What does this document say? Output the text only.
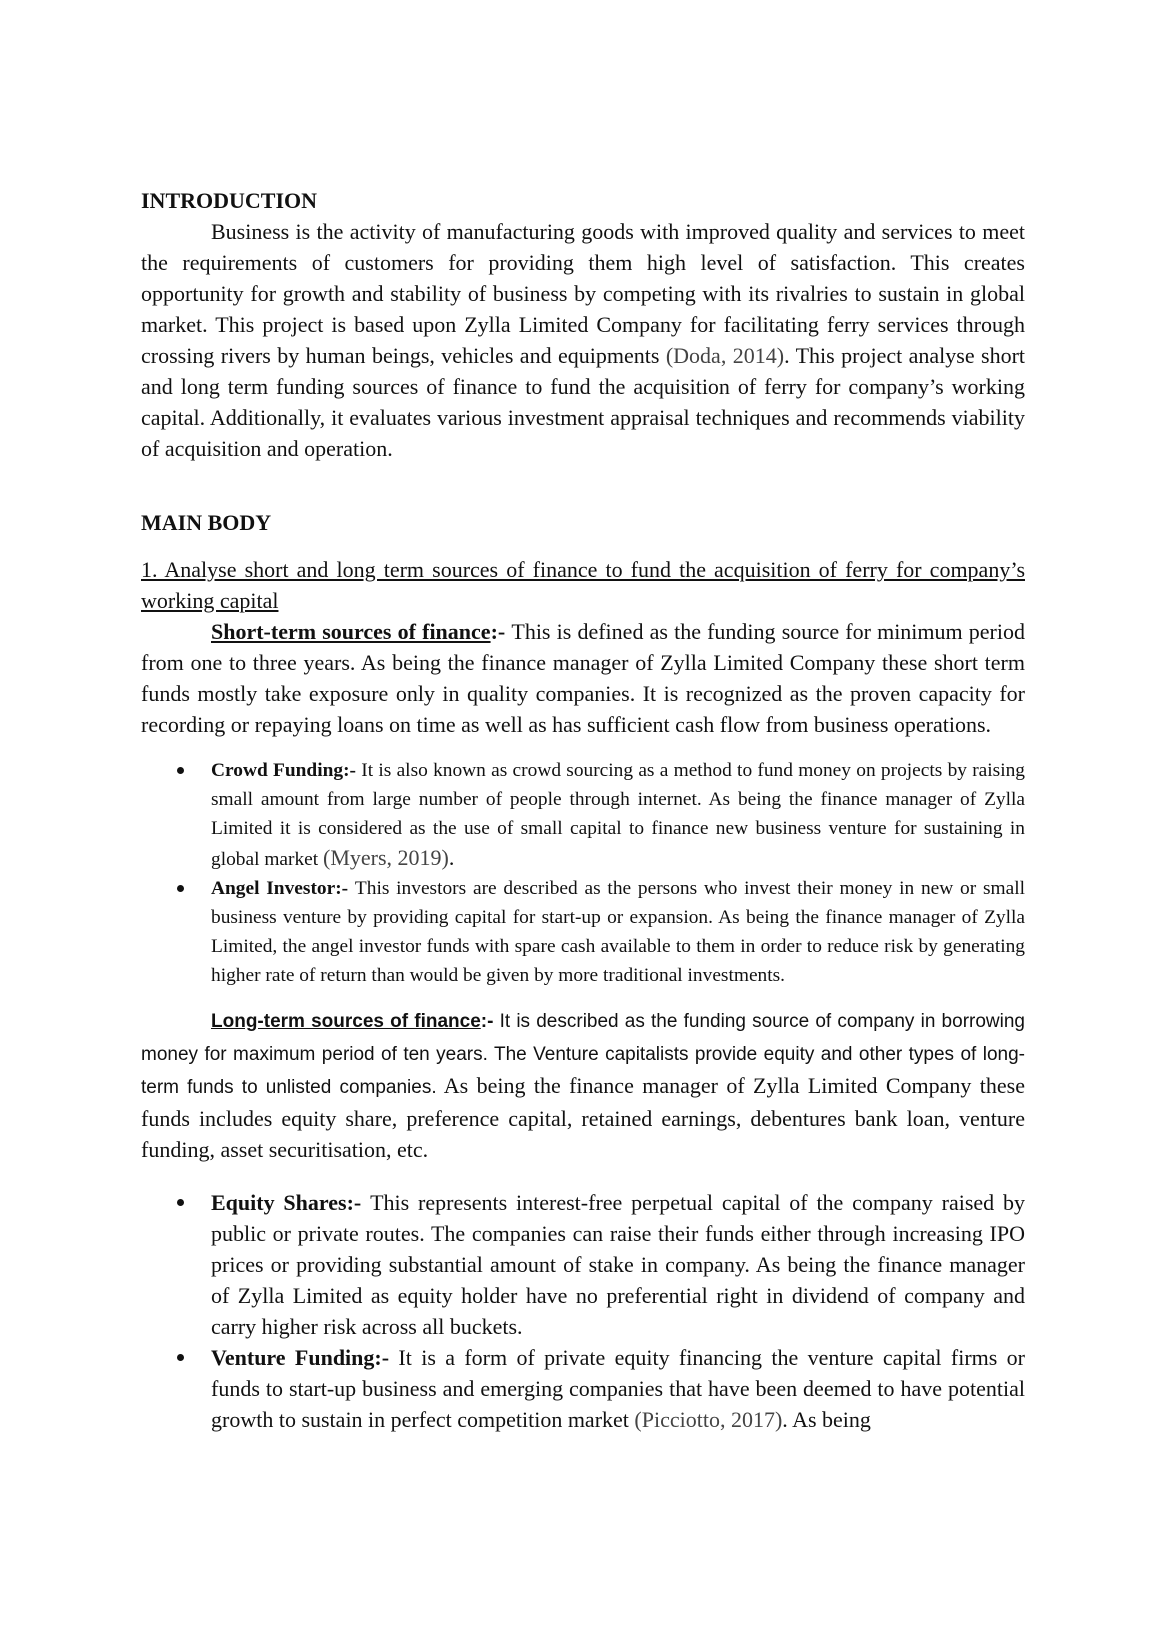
INTRODUCTION

Business is the activity of manufacturing goods with improved quality and services to meet the requirements of customers for providing them high level of satisfaction. This creates opportunity for growth and stability of business by competing with its rivalries to sustain in global market. This project is based upon Zylla Limited Company for facilitating ferry services through crossing rivers by human beings, vehicles and equipments (Doda, 2014). This project analyse short and long term funding sources of finance to fund the acquisition of ferry for company’s working capital. Additionally, it evaluates various investment appraisal techniques and recommends viability of acquisition and operation.

MAIN BODY

1. Analyse short and long term sources of finance to fund the acquisition of ferry for company’s working capital

Short-term sources of finance:- This is defined as the funding source for minimum period from one to three years. As being the finance manager of Zylla Limited Company these short term funds mostly take exposure only in quality companies. It is recognized as the proven capacity for recording or repaying loans on time as well as has sufficient cash flow from business operations.

Crowd Funding:- It is also known as crowd sourcing as a method to fund money on projects by raising small amount from large number of people through internet. As being the finance manager of Zylla Limited it is considered as the use of small capital to finance new business venture for sustaining in global market (Myers, 2019).
Angel Investor:- This investors are described as the persons who invest their money in new or small business venture by providing capital for start-up or expansion. As being the finance manager of Zylla Limited, the angel investor funds with spare cash available to them in order to reduce risk by generating higher rate of return than would be given by more traditional investments.

Long-term sources of finance:- It is described as the funding source of company in borrowing money for maximum period of ten years. The Venture capitalists provide equity and other types of long-term funds to unlisted companies. As being the finance manager of Zylla Limited Company these funds includes equity share, preference capital, retained earnings, debentures bank loan, venture funding, asset securitisation, etc.

Equity Shares:- This represents interest-free perpetual capital of the company raised by public or private routes. The companies can raise their funds either through increasing IPO prices or providing substantial amount of stake in company. As being the finance manager of Zylla Limited as equity holder have no preferential right in dividend of company and carry higher risk across all buckets.
Venture Funding:- It is a form of private equity financing the venture capital firms or funds to start-up business and emerging companies that have been deemed to have potential growth to sustain in perfect competition market (Picciotto, 2017). As being
